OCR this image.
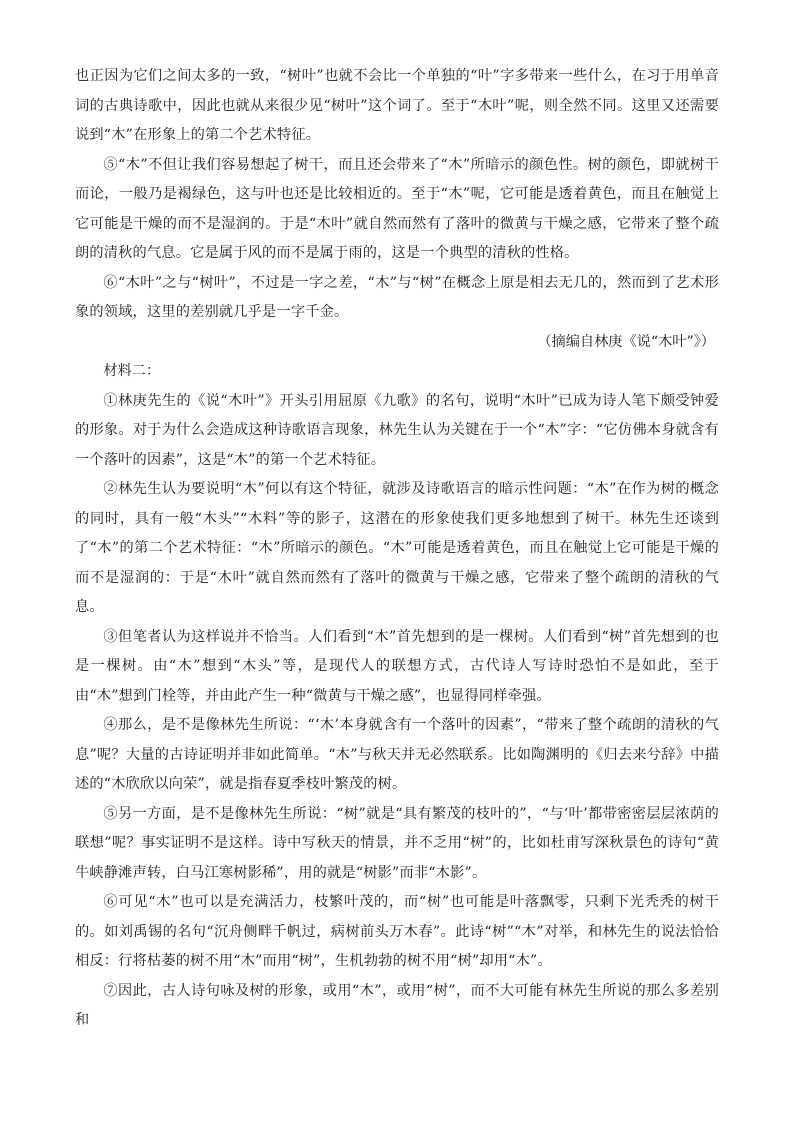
也正因为它们之间太多的一致，“树叶”也就不会比一个单独的“叶”字多带来一些什么，在习于用单音词的古典诗歌中，因此也就从来很少见“树叶”这个词了。至于“木叶”呢，则全然不同。这里又还需要说到“木”在形象上的第二个艺术特征。

⑤“木”不但让我们容易想起了树干，而且还会带来了“木”所暗示的颜色性。树的颜色，即就树干而论，一般乃是褐绿色，这与叶也还是比较相近的。至于“木”呢，它可能是透着黄色，而且在触觉上它可能是干燥的而不是湿润的。于是“木叶”就自然而然有了落叶的微黄与干燥之感，它带来了整个疏朗的清秋的气息。它是属于风的而不是属于雨的，这是一个典型的清秋的性格。

⑥“木叶”之与“树叶”，不过是一字之差，“木”与“树”在概念上原是相去无几的，然而到了艺术形象的领域，这里的差别就几乎是一字千金。

（摘编自林庚《说“木叶”》）

材料二：

①林庚先生的《说“木叶”》开头引用屈原《九歌》的名句，说明“木叶”已成为诗人笔下颇受钟爱的形象。对于为什么会造成这种诗歌语言现象，林先生认为关键在于一个“木”字：“它仿佛本身就含有一个落叶的因素”，这是“木”的第一个艺术特征。

②林先生认为要说明“木”何以有这个特征，就涉及诗歌语言的暗示性问题：“木”在作为树的概念的同时，具有一般“木头”“木料”等的影子，这潜在的形象使我们更多地想到了树干。林先生还谈到了“木”的第二个艺术特征：“木”所暗示的颜色。“木”可能是透着黄色，而且在触觉上它可能是干燥的而不是湿润的：于是“木叶”就自然而然有了落叶的微黄与干燥之感，它带来了整个疏朗的清秋的气息。

③但笔者认为这样说并不恰当。人们看到“木”首先想到的是一棵树。人们看到“树”首先想到的也是一棵树。由“木”想到“木头”等，是现代人的联想方式，古代诗人写诗时恐怕不是如此，至于由“木”想到门栓等，并由此产生一种“微黄与干燥之感”，也显得同样牵强。

④那么，是不是像林先生所说：“‘木’本身就含有一个落叶的因素”，“带来了整个疏朗的清秋的气息”呢？大量的古诗证明并非如此简单。“木”与秋天并无必然联系。比如陶渊明的《归去来兮辞》中描述的“木欣欣以向荣”，就是指春夏季枝叶繁茂的树。

⑤另一方面，是不是像林先生所说：“树”就是“具有繁茂的枝叶的”，“与‘叶’都带密密层层浓荫的联想”呢？事实证明不是这样。诗中写秋天的情景，并不乏用“树”的，比如杜甫写深秋景色的诗句“黄牛峡静滩声转，白马江寒树影稀”，用的就是“树影”而非“木影”。

⑥可见“木”也可以是充满活力，枝繁叶茂的，而“树”也可能是叶落飘零，只剩下光秃秃的树干的。如刘禹锡的名句“沉舟侧畔千帆过，病树前头万木春”。此诗“树”“木”对举，和林先生的说法恰恰相反：行将枯萎的树不用“木”而用“树”，生机勃勃的树不用“树”却用“木”。

⑦因此，古人诗句咏及树的形象，或用“木”，或用“树”，而不大可能有林先生所说的那么多差别和
